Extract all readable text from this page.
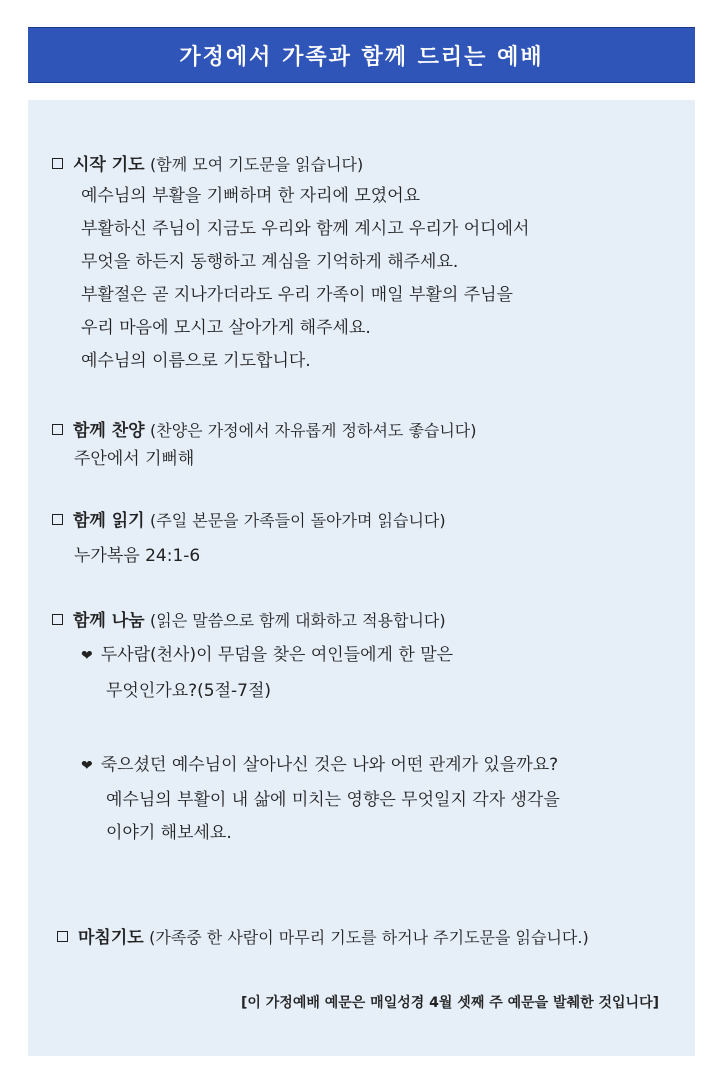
가정에서 가족과 함께 드리는 예배
시작 기도 (함께 모여 기도문을 읽습니다)
예수님의 부활을 기뻐하며 한 자리에 모였어요
부활하신 주님이 지금도 우리와 함께 계시고 우리가 어디에서
무엇을 하든지 동행하고 계심을 기억하게 해주세요.
부활절은 곧 지나가더라도 우리 가족이 매일 부활의 주님을
우리 마음에 모시고 살아가게 해주세요.
예수님의 이름으로 기도합니다.
함께 찬양 (찬양은 가정에서 자유롭게 정하셔도 좋습니다)
주안에서 기뻐해
함께 읽기 (주일 본문을 가족들이 돌아가며 읽습니다)
누가복음 24:1-6
함께 나눔 (읽은 말씀으로 함께 대화하고 적용합니다)
❤ 두사람(천사)이 무덤을 찾은 여인들에게 한 말은
무엇인가요?(5절-7절)
❤ 죽으셨던 예수님이 살아나신 것은 나와 어떤 관계가 있을까요?
예수님의 부활이 내 삶에 미치는 영향은 무엇일지 각자 생각을
이야기 해보세요.
마침기도 (가족중 한 사람이 마무리 기도를 하거나 주기도문을 읽습니다.)
[이 가정예배 예문은 매일성경 4월 셋째 주 예문을 발췌한 것입니다]
